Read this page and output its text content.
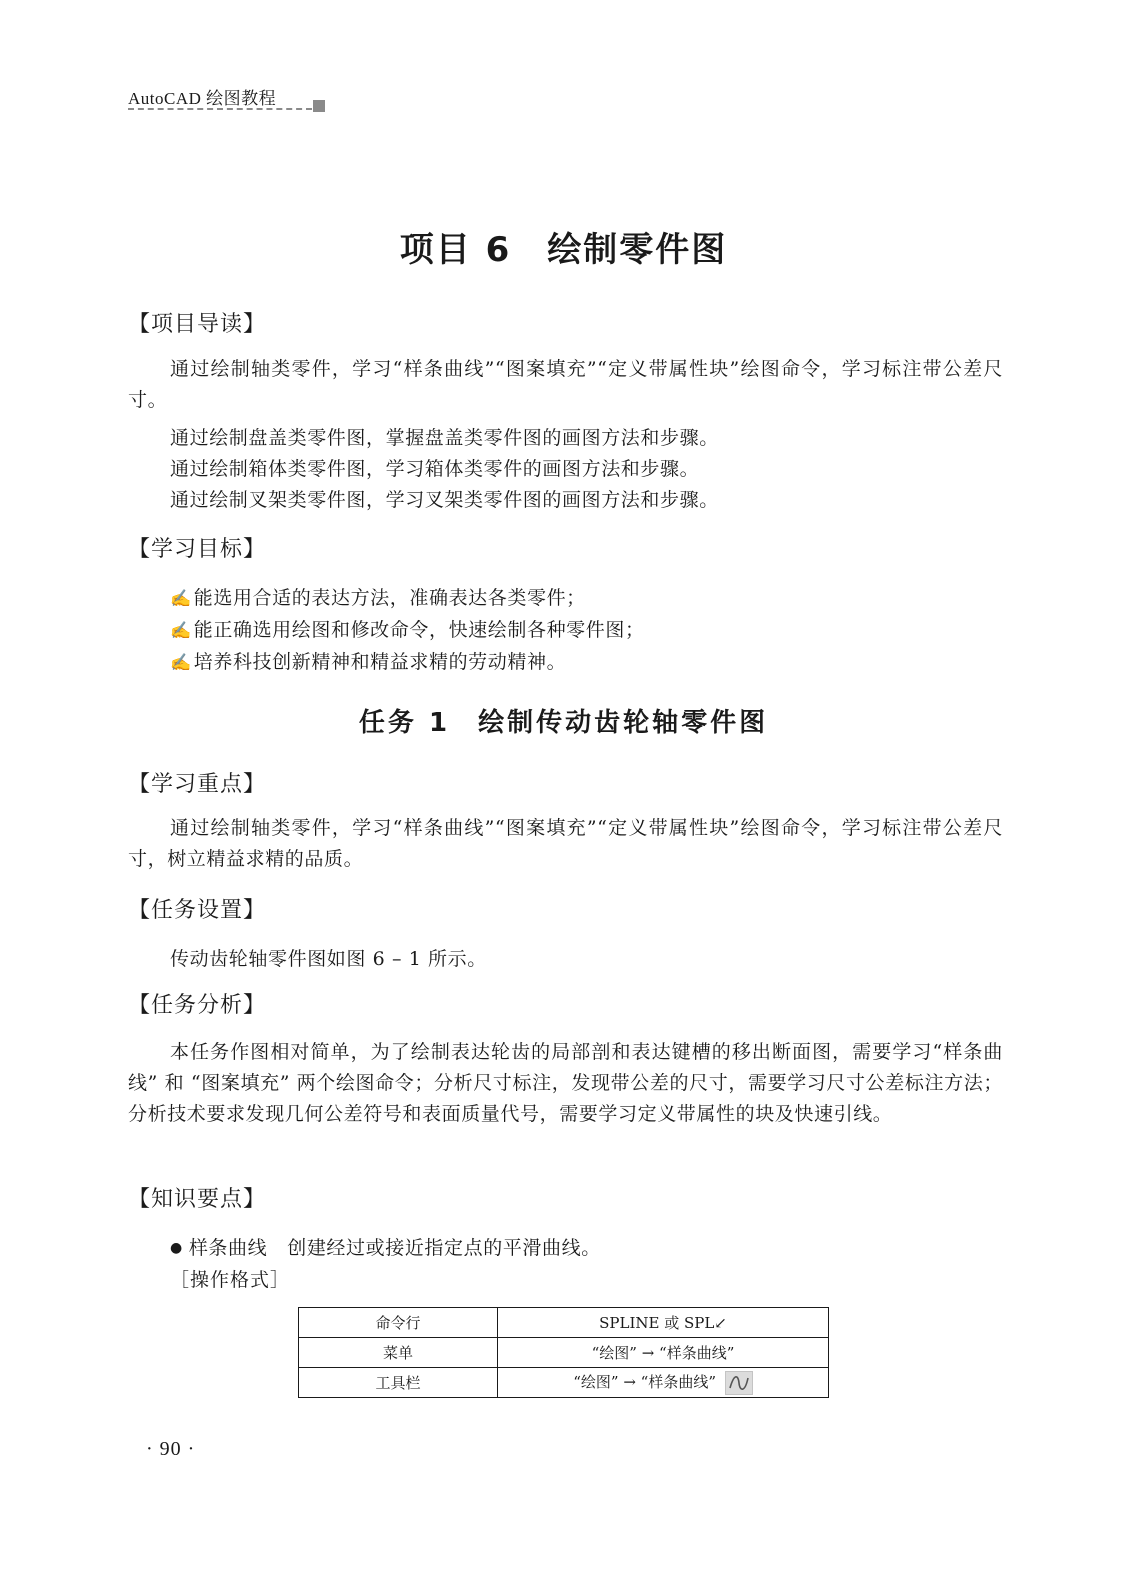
AutoCAD 绘图教程
项目 6 绘制零件图
【项目导读】
通过绘制轴类零件，学习“样条曲线”“图案填充”“定义带属性块”绘图命令，学习标注带公差尺寸。
通过绘制盘盖类零件图，掌握盘盖类零件图的画图方法和步骤。
通过绘制箱体类零件图，学习箱体类零件的画图方法和步骤。
通过绘制叉架类零件图，学习叉架类零件图的画图方法和步骤。
【学习目标】
✍ 能选用合适的表达方法，准确表达各类零件；
✍ 能正确选用绘图和修改命令，快速绘制各种零件图；
✍ 培养科技创新精神和精益求精的劳动精神。
任务 1 绘制传动齿轮轴零件图
【学习重点】
通过绘制轴类零件，学习“样条曲线”“图案填充”“定义带属性块”绘图命令，学习标注带公差尺寸，树立精益求精的品质。
【任务设置】
传动齿轮轴零件图如图 6 – 1 所示。
【任务分析】
本任务作图相对简单，为了绘制表达轮齿的局部剖和表达键槽的移出断面图，需要学习“样条曲线” 和 “图案填充” 两个绘图命令；分析尺寸标注，发现带公差的尺寸，需要学习尺寸公差标注方法；分析技术要求发现几何公差符号和表面质量代号，需要学习定义带属性的块及快速引线。
【知识要点】
● 样条曲线 创建经过或接近指定点的平滑曲线。
［操作格式］
命令行	SPLINE 或 SPL↙
菜单	“绘图” → “样条曲线”
工具栏	“绘图” → “样条曲线”
· 90 ·
